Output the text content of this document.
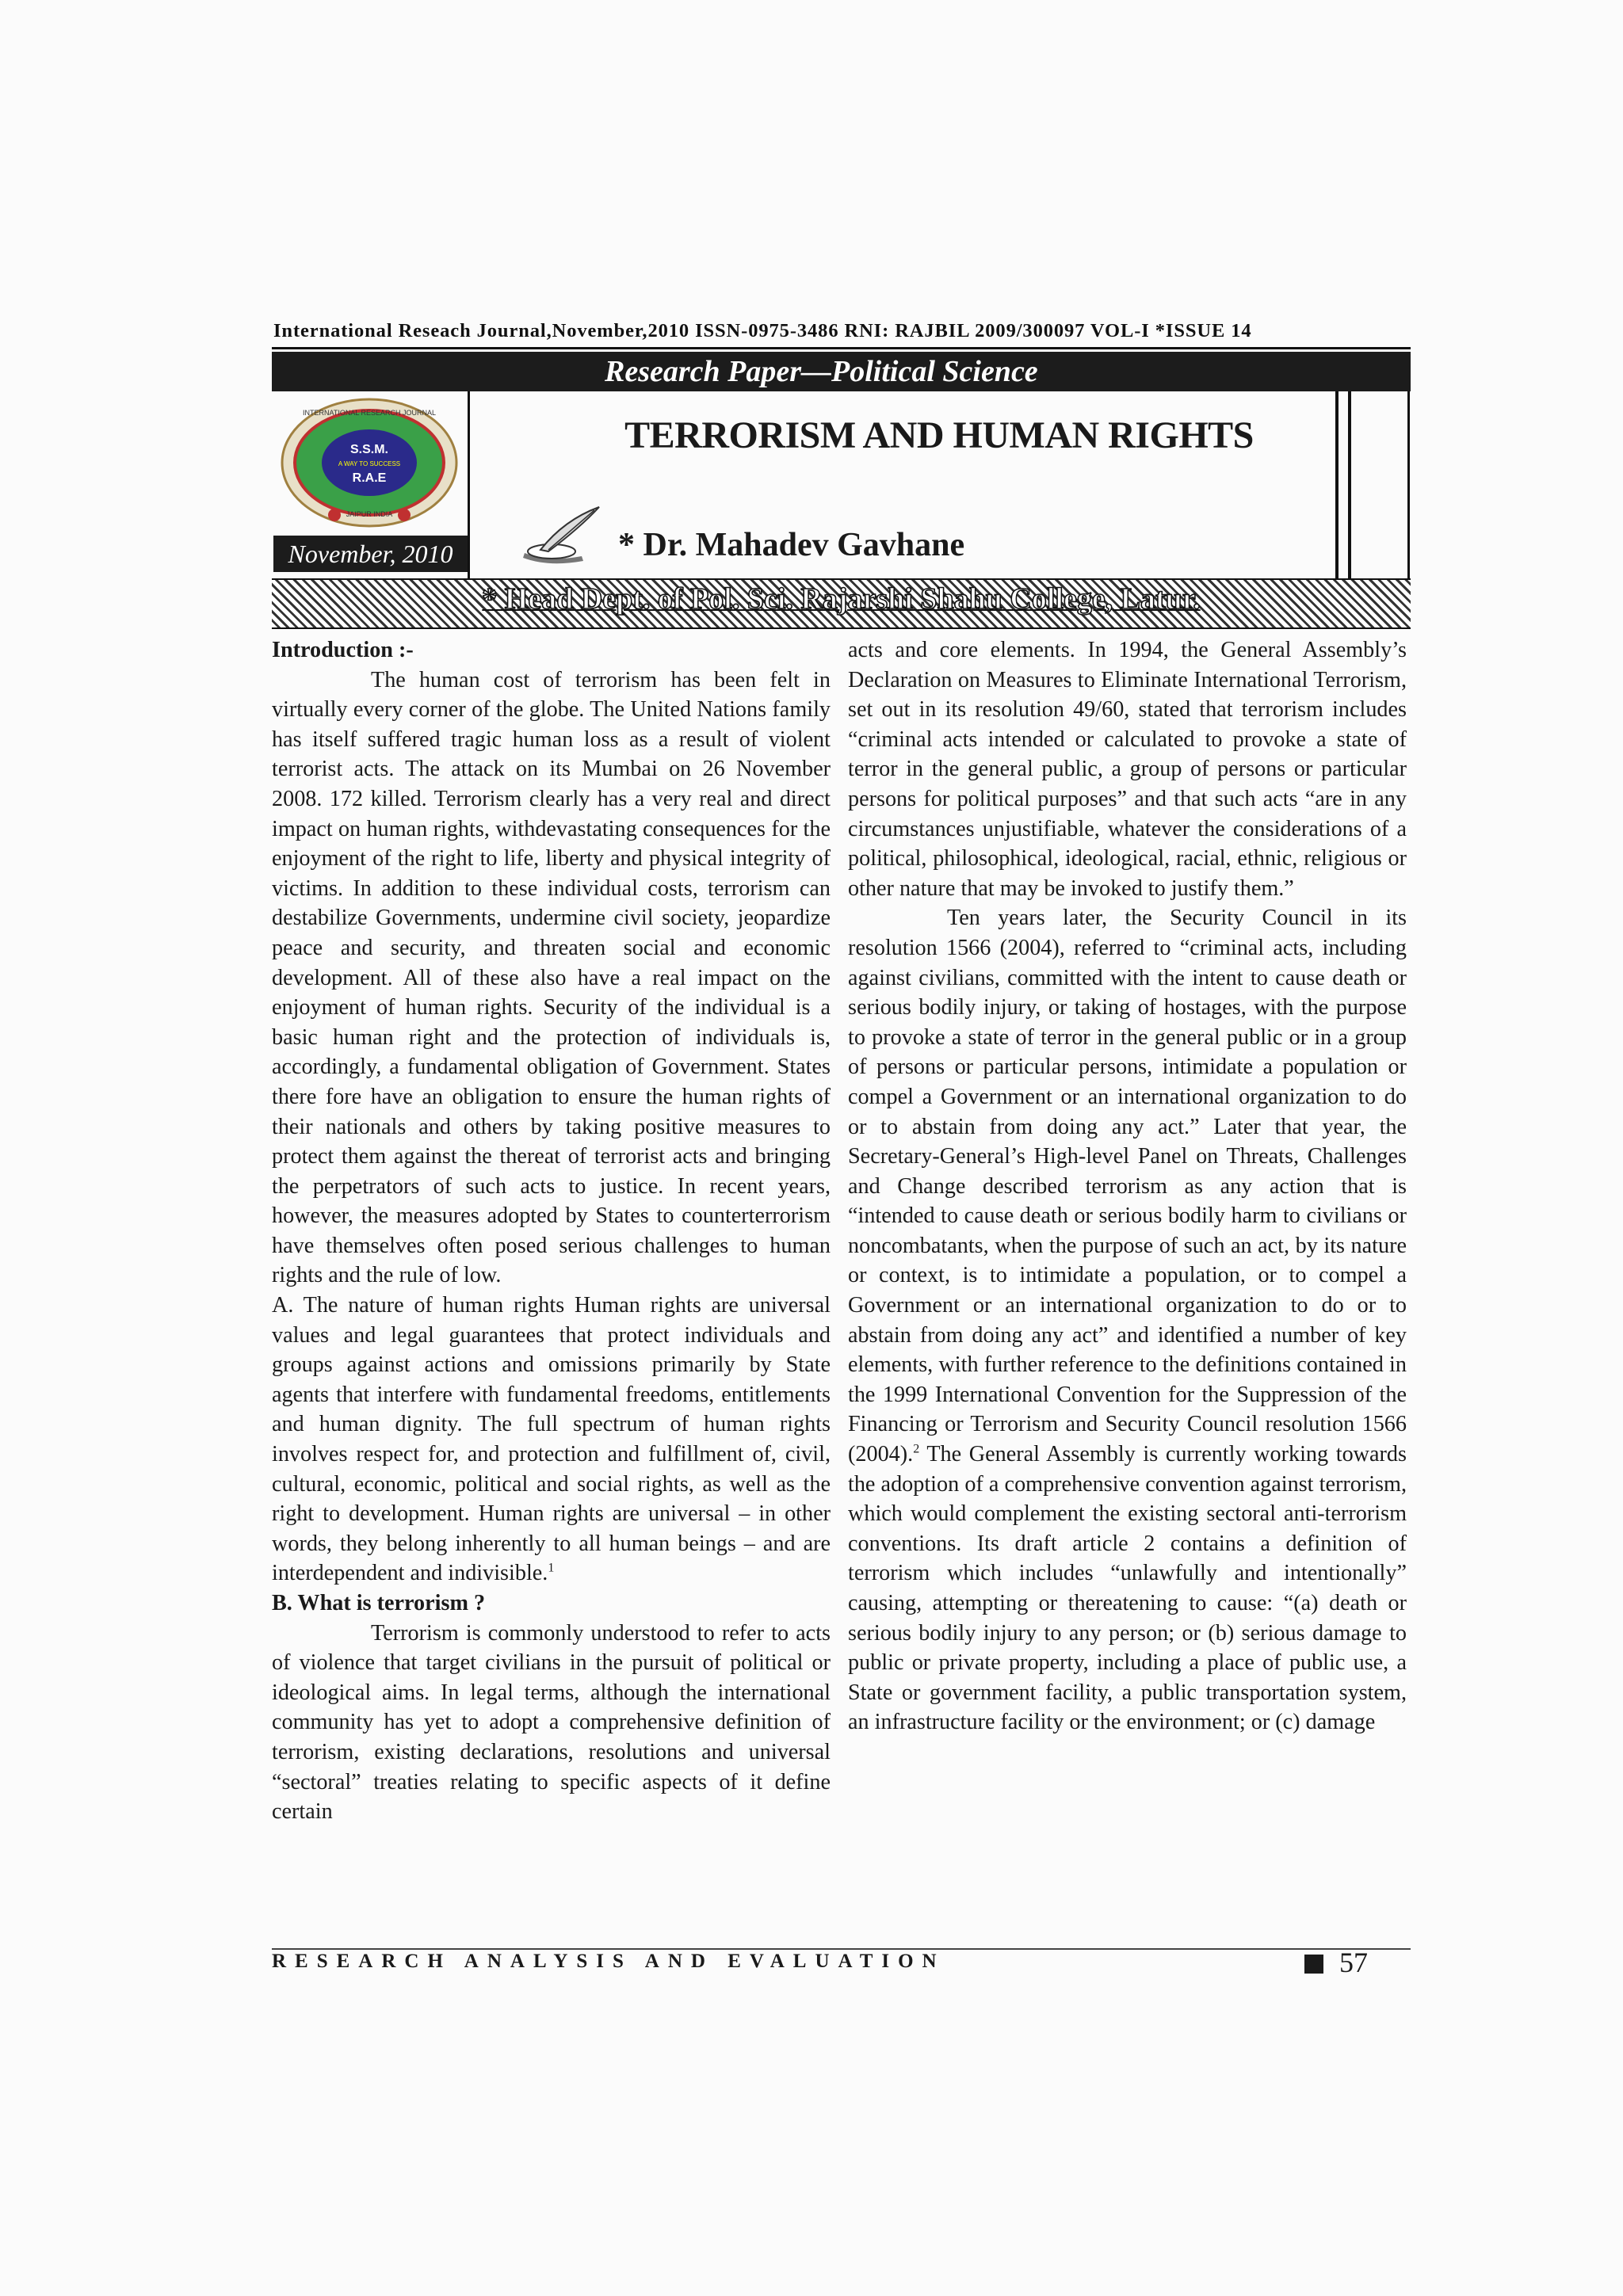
International Reseach Journal,November,2010 ISSN-0975-3486 RNI: RAJBIL 2009/300097 VOL-I *ISSUE 14
Research Paper—Political Science
S.S.M.
A WAY TO SUCCESS
R.A.E
INTERNATIONAL RESEARCH JOURNAL
JAIPUR INDIA
TERRORISM AND HUMAN RIGHTS
November, 2010	* Dr. Mahadev Gavhane
* Head Dept. of Pol. Sci. Rajarshi Shahu College, Latur.

Introduction :-

The human cost of terrorism has been felt in virtually every corner of the globe. The United Nations family has itself suffered tragic human loss as a result of violent terrorist acts. The attack on its Mumbai on 26 November 2008. 172 killed. Terrorism clearly has a very real and direct impact on human rights, withdevastating consequences for the enjoyment of the right to life, liberty and physical integrity of victims. In addition to these individual costs, terrorism can destabilize Governments, undermine civil society, jeopardize peace and security, and threaten social and economic development. All of these also have a real impact on the enjoyment of human rights. Security of the individual is a basic human right and the protection of individuals is, accordingly, a fundamental obligation of Government. States there fore have an obligation to ensure the human rights of their nationals and others by taking positive measures to protect them against the thereat of terrorist acts and bringing the perpetrators of such acts to justice. In recent years, however, the measures adopted by States to counterterrorism have themselves often posed serious challenges to human rights and the rule of low.

A. The nature of human rights Human rights are universal values and legal guarantees that protect individuals and groups against actions and omissions primarily by State agents that interfere with fundamental freedoms, entitlements and human dignity. The full spectrum of human rights involves respect for, and protection and fulfillment of, civil, cultural, economic, political and social rights, as well as the right to development. Human rights are universal – in other words, they belong inherently to all human beings – and are interdependent and indivisible.$^1$

B. What is terrorism ?

Terrorism is commonly understood to refer to acts of violence that target civilians in the pursuit of political or ideological aims. In legal terms, although the international community has yet to adopt a comprehensive definition of terrorism, existing declarations, resolutions and universal “sectoral” treaties relating to specific aspects of it define certain

acts and core elements. In 1994, the General Assembly’s Declaration on Measures to Eliminate International Terrorism, set out in its resolution 49/60, stated that terrorism includes “criminal acts intended or calculated to provoke a state of terror in the general public, a group of persons or particular persons for political purposes” and that such acts “are in any circumstances unjustifiable, whatever the considerations of a political, philosophical, ideological, racial, ethnic, religious or other nature that may be invoked to justify them.”

Ten years later, the Security Council in its resolution 1566 (2004), referred to “criminal acts, including against civilians, committed with the intent to cause death or serious bodily injury, or taking of hostages, with the purpose to provoke a state of terror in the general public or in a group of persons or particular persons, intimidate a population or compel a Government or an international organization to do or to abstain from doing any act.” Later that year, the Secretary-General’s High-level Panel on Threats, Challenges and Change described terrorism as any action that is “intended to cause death or serious bodily harm to civilians or noncombatants, when the purpose of such an act, by its nature or context, is to intimidate a population, or to compel a Government or an international organization to do or to abstain from doing any act” and identified a number of key elements, with further reference to the definitions contained in the 1999 International Convention for the Suppression of the Financing or Terrorism and Security Council resolution 1566 (2004).$^2$ The General Assembly is currently working towards the adoption of a comprehensive convention against terrorism, which would complement the existing sectoral anti-terrorism conventions. Its draft article 2 contains a definition of terrorism which includes “unlawfully and intentionally” causing, attempting or thereatening to cause: “(a) death or serious bodily injury to any person; or (b) serious damage to public or private property, including a place of public use, a State or government facility, a public transportation system, an infrastructure facility or the environment; or (c) damage

RESEARCH ANALYSIS AND EVALUATION	57
